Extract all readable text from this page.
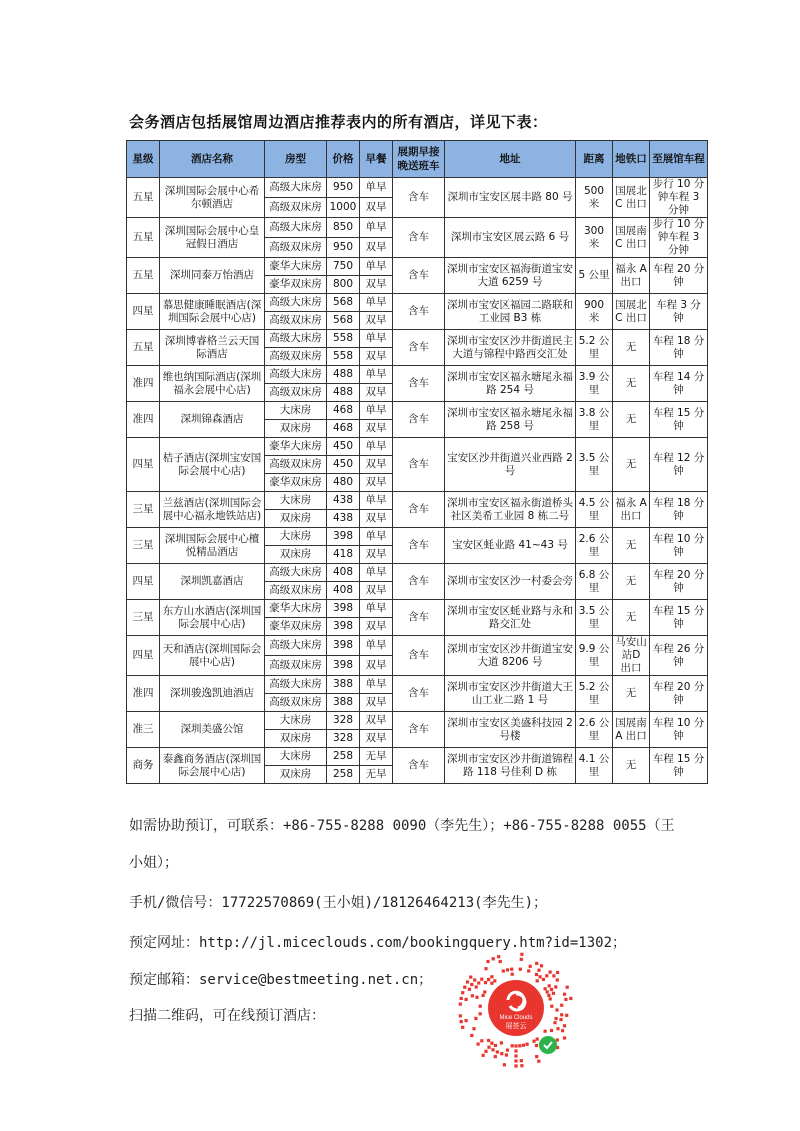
会务酒店包括展馆周边酒店推荐表内的所有酒店，详见下表：
星级	酒店名称	房型	价格	早餐	展期早接晚送班车	地址	距离	地铁口	至展馆车程
五星	深圳国际会展中心希尔顿酒店	高级大床房	950	单早	含车	深圳市宝安区展丰路 80 号	500 米	国展北C 出口	步行 10 分钟车程 3 分钟
		高级双床房	1000	双早					
五星	深圳国际会展中心皇冠假日酒店	高级大床房	850	单早	含车	深圳市宝安区展云路 6 号	300 米	国展南C 出口	步行 10 分钟车程 3 分钟
		高级双床房	950	双早					
五星	深圳同泰万怡酒店	豪华大床房	750	单早	含车	深圳市宝安区福海街道宝安大道 6259 号	5 公里	福永 A出口	车程 20 分钟
		豪华双床房	800	双早					
四星	慕思健康睡眠酒店(深圳国际会展中心店)	高级大床房	568	单早	含车	深圳市宝安区福园二路联和工业园 B3 栋	900 米	国展北C 出口	车程 3 分钟
		高级双床房	568	双早					
五星	深圳博睿格兰云天国际酒店	高级大床房	558	单早	含车	深圳市宝安区沙井街道民主大道与锦程中路西交汇处	5.2 公里	无	车程 18 分钟
		高级双床房	558	双早					
准四	维也纳国际酒店(深圳福永会展中心店)	高级大床房	488	单早	含车	深圳市宝安区福永塘尾永福路 254 号	3.9 公里	无	车程 14 分钟
		高级双床房	488	双早					
准四	深圳锦森酒店	大床房	468	单早	含车	深圳市宝安区福永塘尾永福路 258 号	3.8 公里	无	车程 15 分钟
		双床房	468	双早					
四星	桔子酒店(深圳宝安国际会展中心店)	豪华大床房	450	单早	含车	宝安区沙井街道兴业西路 2号	3.5 公里	无	车程 12 分钟
		高级双床房	450	双早					
		豪华双床房	480	双早					
三星	兰兹酒店(深圳国际会展中心福永地铁站店)	大床房	438	单早	含车	深圳市宝安区福永街道桥头社区美希工业园 8 栋二号	4.5 公里	福永 A出口	车程 18 分钟
		双床房	438	双早					
三星	深圳国际会展中心檀悦精品酒店	大床房	398	单早	含车	宝安区蚝业路 41~43 号	2.6 公里	无	车程 10 分钟
		双床房	418	双早					
四星	深圳凯嘉酒店	高级大床房	408	单早	含车	深圳市宝安区沙一村委会旁	6.8 公里	无	车程 20 分钟
		高级双床房	408	双早					
三星	东方山水酒店(深圳国际会展中心店)	豪华大床房	398	单早	含车	深圳市宝安区蚝业路与永和路交汇处	3.5 公里	无	车程 15 分钟
		豪华双床房	398	双早					
四星	天和酒店(深圳国际会展中心店)	高级大床房	398	单早	含车	深圳市宝安区沙井街道宝安大道 8206 号	9.9 公里	马安山站D 出口	车程 26 分钟
		高级双床房	398	双早					
准四	深圳骏逸凯迪酒店	高级大床房	388	单早	含车	深圳市宝安区沙井街道大王山工业二路 1 号	5.2 公里	无	车程 20 分钟
		高级双床房	388	双早					
准三	深圳美盛公馆	大床房	328	双早	含车	深圳市宝安区美盛科技园 2号楼	2.6 公里	国展南A 出口	车程 10 分钟
		双床房	328	双早					
商务	泰鑫商务酒店(深圳国际会展中心店)	大床房	258	无早	含车	深圳市宝安区沙井街道锦程路 118 号佳利 D 栋	4.1 公里	无	车程 15 分钟
		双床房	258	无早					
如需协助预订，可联系：+86-755-8288 0090（李先生）；+86-755-8288 0055（王
小姐）；
手机/微信号：17722570869(王小姐)/18126464213(李先生)；
预定网址：http://jl.miceclouds.com/bookingquery.htm?id=1302；
预定邮箱：service@bestmeeting.net.cn；
扫描二维码，可在线预订酒店：	Mice Clouds
展荟云
